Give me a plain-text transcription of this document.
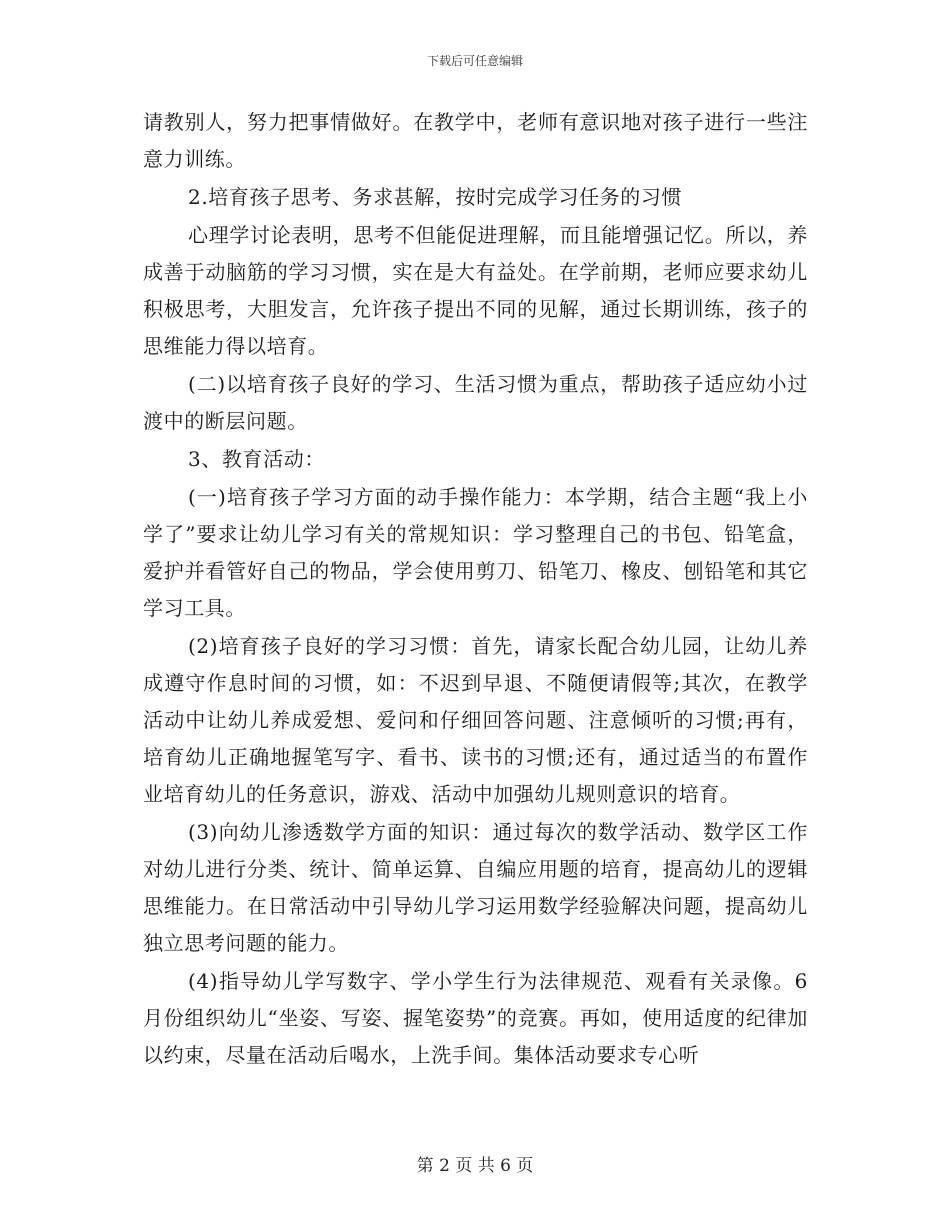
下载后可任意编辑

请教别人，努力把事情做好。在教学中，老师有意识地对孩子进行一些注意力训练。

2.培育孩子思考、务求甚解，按时完成学习任务的习惯

心理学讨论表明，思考不但能促进理解，而且能增强记忆。所以，养成善于动脑筋的学习习惯，实在是大有益处。在学前期，老师应要求幼儿积极思考，大胆发言，允许孩子提出不同的见解，通过长期训练，孩子的思维能力得以培育。

(二)以培育孩子良好的学习、生活习惯为重点，帮助孩子适应幼小过渡中的断层问题。

3、教育活动：

(一)培育孩子学习方面的动手操作能力：本学期，结合主题“我上小学了”要求让幼儿学习有关的常规知识：学习整理自己的书包、铅笔盒，爱护并看管好自己的物品，学会使用剪刀、铅笔刀、橡皮、刨铅笔和其它学习工具。

(2)培育孩子良好的学习习惯：首先，请家长配合幼儿园，让幼儿养成遵守作息时间的习惯，如：不迟到早退、不随便请假等;其次，在教学活动中让幼儿养成爱想、爱问和仔细回答问题、注意倾听的习惯;再有，培育幼儿正确地握笔写字、看书、读书的习惯;还有，通过适当的布置作业培育幼儿的任务意识，游戏、活动中加强幼儿规则意识的培育。

(3)向幼儿渗透数学方面的知识：通过每次的数学活动、数学区工作对幼儿进行分类、统计、简单运算、自编应用题的培育，提高幼儿的逻辑思维能力。在日常活动中引导幼儿学习运用数学经验解决问题，提高幼儿独立思考问题的能力。

(4)指导幼儿学写数字、学小学生行为法律规范、观看有关录像。6月份组织幼儿“坐姿、写姿、握笔姿势”的竞赛。再如，使用适度的纪律加以约束，尽量在活动后喝水，上洗手间。集体活动要求专心听

第 2 页 共 6 页
